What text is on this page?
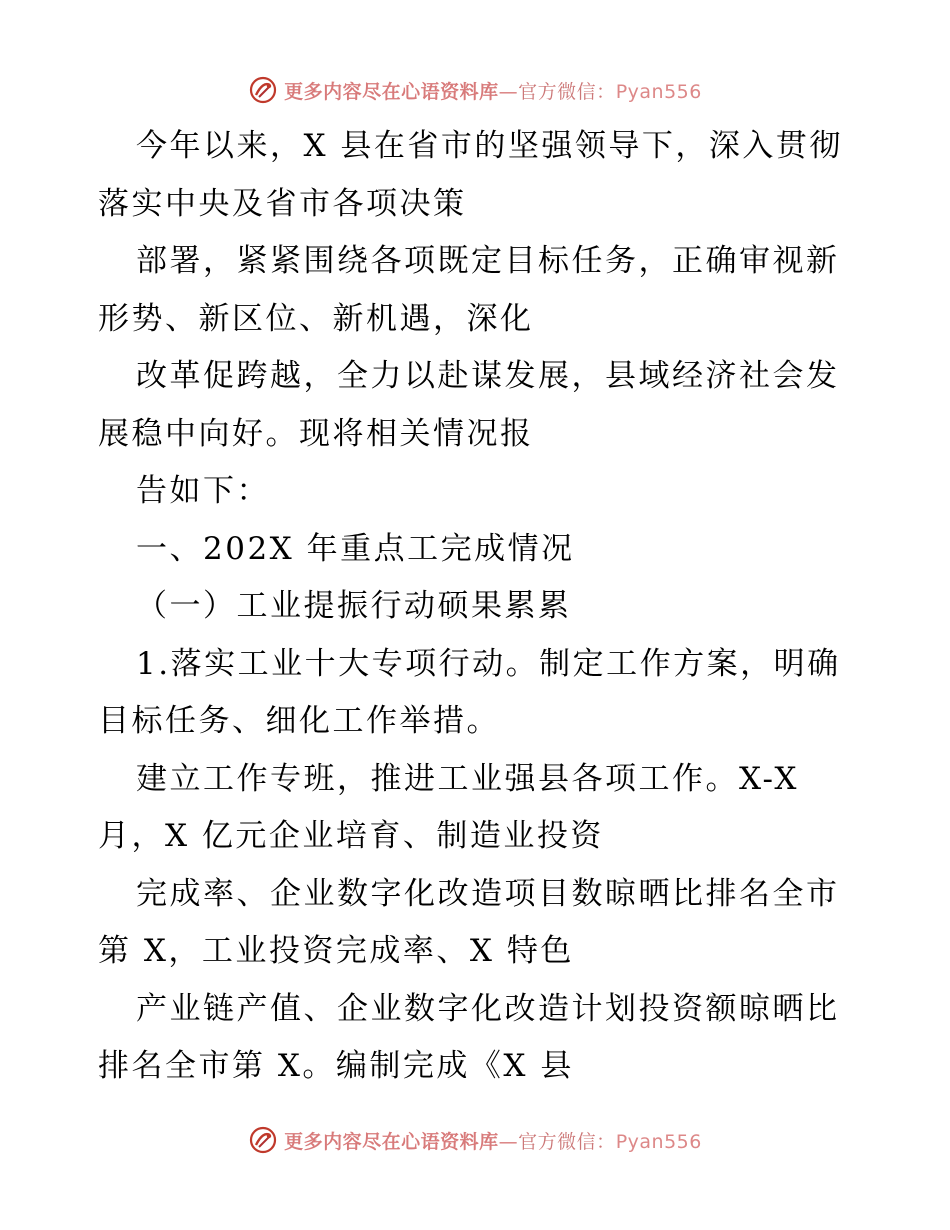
更多内容尽在心语资料库—官方微信：Pyan556
今年以来，X 县在省市的坚强领导下，深入贯彻
落实中央及省市各项决策
部署，紧紧围绕各项既定目标任务，正确审视新
形势、新区位、新机遇，深化
改革促跨越，全力以赴谋发展，县域经济社会发
展稳中向好。现将相关情况报
告如下：
一、202X 年重点工完成情况
（一）工业提振行动硕果累累
1.落实工业十大专项行动。制定工作方案，明确
目标任务、细化工作举措。
建立工作专班，推进工业强县各项工作。X-X
月，X 亿元企业培育、制造业投资
完成率、企业数字化改造项目数晾晒比排名全市
第 X，工业投资完成率、X 特色
产业链产值、企业数字化改造计划投资额晾晒比
排名全市第 X。编制完成《X 县
更多内容尽在心语资料库—官方微信：Pyan556
